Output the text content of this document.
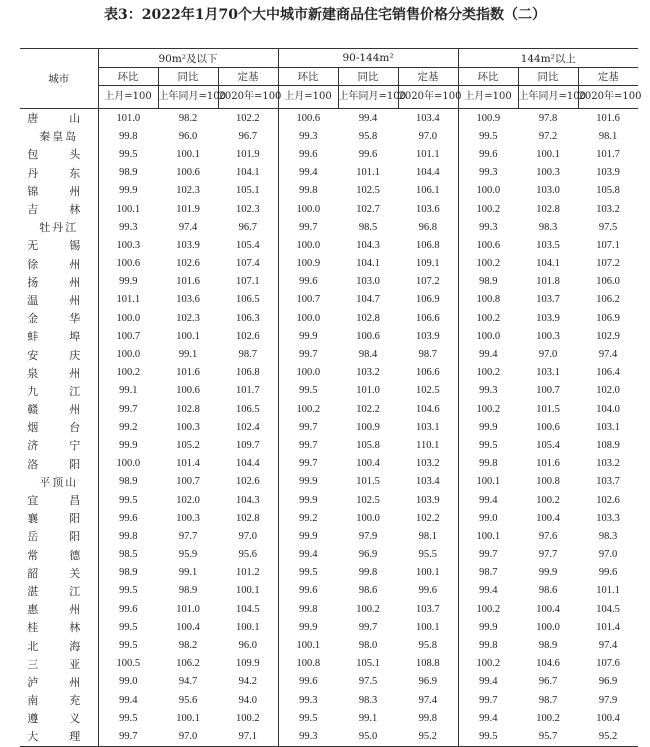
表3：2022年1月70个大中城市新建商品住宅销售价格分类指数（二）
城市	90m²及以下			90-144m²			144m²以上		
	环比	同比	定基	环比	同比	定基	环比	同比	定基
	上月=100	上年同月=100	2020年=100	上月=100	上年同月=100	2020年=100	上月=100	上年同月=100	2020年=100
唐　山	101.0	98.2	102.2	100.6	99.4	103.4	100.9	97.8	101.6
秦皇岛	99.8	96.0	96.7	99.3	95.8	97.0	99.5	97.2	98.1
包　头	99.5	100.1	101.9	99.6	99.6	101.1	99.6	100.1	101.7
丹　东	98.9	100.6	104.1	99.4	101.1	104.4	99.3	100.3	103.9
锦　州	99.9	102.3	105.1	99.8	102.5	106.1	100.0	103.0	105.8
吉　林	100.1	101.9	102.3	100.0	102.7	103.6	100.2	102.8	103.2
牡丹江	99.3	97.4	96.7	99.7	98.5	96.8	99.3	98.3	97.5
无　锡	100.3	103.9	105.4	100.0	104.3	106.8	100.6	103.5	107.1
徐　州	100.6	102.6	107.4	100.9	104.1	109.1	100.2	104.1	107.2
扬　州	99.9	101.6	107.1	99.6	103.0	107.2	98.9	101.8	106.0
温　州	101.1	103.6	106.5	100.7	104.7	106.9	100.8	103.7	106.2
金　华	100.0	102.3	106.3	100.0	102.8	106.6	100.2	103.9	106.9
蚌　埠	100.7	100.1	102.6	99.9	100.6	103.9	100.0	100.3	102.9
安　庆	100.0	99.1	98.7	99.7	98.4	98.7	99.4	97.0	97.4
泉　州	100.2	101.6	106.8	100.0	103.2	106.6	100.2	103.1	106.4
九　江	99.1	100.6	101.7	99.5	101.0	102.5	99.3	100.7	102.0
赣　州	99.7	102.8	106.5	100.2	102.2	104.6	100.2	101.5	104.0
烟　台	99.2	100.3	102.4	99.7	100.9	103.1	99.9	100.6	103.1
济　宁	99.9	105.2	109.7	99.7	105.8	110.1	99.5	105.4	108.9
洛　阳	100.0	101.4	104.4	99.7	100.4	103.2	99.8	101.6	103.2
平顶山	98.9	100.7	102.6	99.9	101.5	103.4	100.1	100.8	103.7
宜　昌	99.5	102.0	104.3	99.9	102.5	103.9	99.4	100.2	102.6
襄　阳	99.6	100.3	102.8	99.2	100.0	102.2	99.0	100.4	103.3
岳　阳	99.8	97.7	97.0	99.9	97.9	98.1	100.1	97.6	98.3
常　德	98.5	95.9	95.6	99.4	96.9	95.5	99.7	97.7	97.0
韶　关	98.9	99.1	101.2	99.5	99.8	100.1	98.7	99.9	99.6
湛　江	99.5	98.9	100.1	99.6	98.6	99.6	99.4	98.6	101.1
惠　州	99.6	101.0	104.5	99.8	100.2	103.7	100.2	100.4	104.5
桂　林	99.5	100.4	100.1	99.9	99.7	100.1	99.9	100.0	101.4
北　海	99.5	98.2	96.0	100.1	98.0	95.8	99.8	98.9	97.4
三　亚	100.5	106.2	109.9	100.8	105.1	108.8	100.2	104.6	107.6
泸　州	99.0	94.7	94.2	99.6	97.5	96.9	99.4	96.7	96.9
南　充	99.4	95.6	94.0	99.3	98.3	97.4	99.7	98.7	97.9
遵　义	99.5	100.1	100.2	99.5	99.1	99.8	99.4	100.2	100.4
大　理	99.7	97.0	97.1	99.3	95.0	95.2	99.5	95.7	95.2
